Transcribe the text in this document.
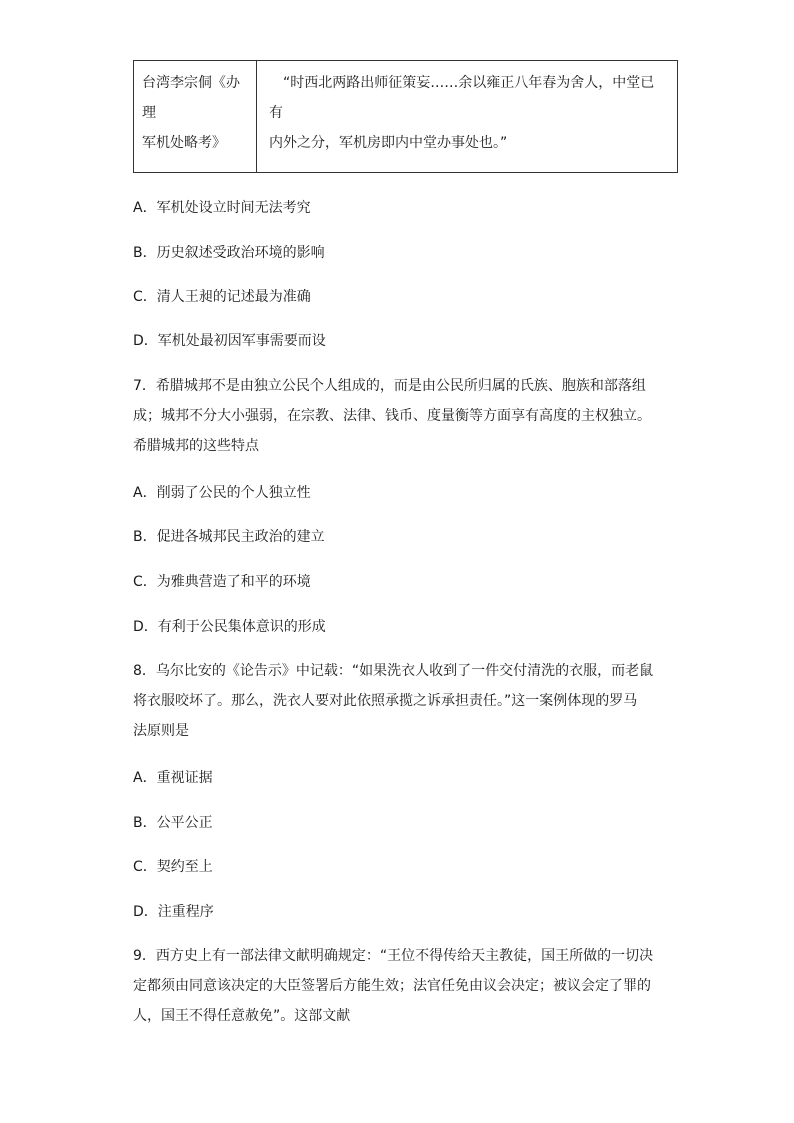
台湾李宗侗《办理
军机处略考》	“时西北两路出师征策妄……余以雍正八年春为舍人，中堂已有
内外之分，军机房即内中堂办事处也。”
A．军机处设立时间无法考究
B．历史叙述受政治环境的影响
C．清人王昶的记述最为准确
D．军机处最初因军事需要而设
7．希腊城邦不是由独立公民个人组成的，而是由公民所归属的氏族、胞族和部落组
成；城邦不分大小强弱，在宗教、法律、钱币、度量衡等方面享有高度的主权独立。
希腊城邦的这些特点
A．削弱了公民的个人独立性
B．促进各城邦民主政治的建立
C．为雅典营造了和平的环境
D．有利于公民集体意识的形成
8．乌尔比安的《论告示》中记载：“如果洗衣人收到了一件交付清洗的衣服，而老鼠
将衣服咬坏了。那么，洗衣人要对此依照承揽之诉承担责任。”这一案例体现的罗马
法原则是
A．重视证据
B．公平公正
C．契约至上
D．注重程序
9．西方史上有一部法律文献明确规定：“王位不得传给天主教徒，国王所做的一切决
定都须由同意该决定的大臣签署后方能生效；法官任免由议会决定；被议会定了罪的
人，国王不得任意赦免”。这部文献
